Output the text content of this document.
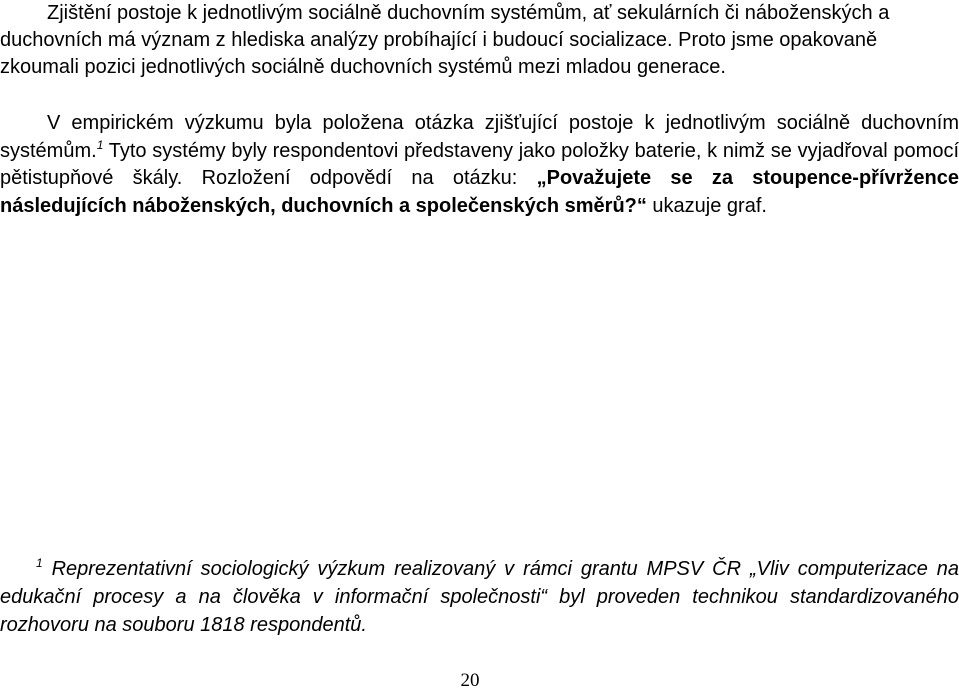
Zjištění postoje k jednotlivým sociálně duchovním systémům, ať sekulárních či náboženských a duchovních má význam z hlediska analýzy probíhající i budoucí socializace. Proto jsme opakovaně zkoumali pozici jednotlivých sociálně duchovních systémů mezi mladou generace.

V empirickém výzkumu byla položena otázka zjišťující postoje k jednotlivým sociálně duchovním systémům.$^1$ Tyto systémy byly respondentovi představeny jako položky baterie, k nimž se vyjadřoval pomocí pětistupňové škály. Rozložení odpovědí na otázku: „Považujete se za stoupence-přívržence následujících náboženských, duchovních a společenských směrů?“ ukazuje graf.

$^1$ Reprezentativní sociologický výzkum realizovaný v rámci grantu MPSV ČR „Vliv computerizace na edukační procesy a na člověka v informační společnosti“ byl proveden technikou standardizovaného rozhovoru na souboru 1818 respondentů.

20
